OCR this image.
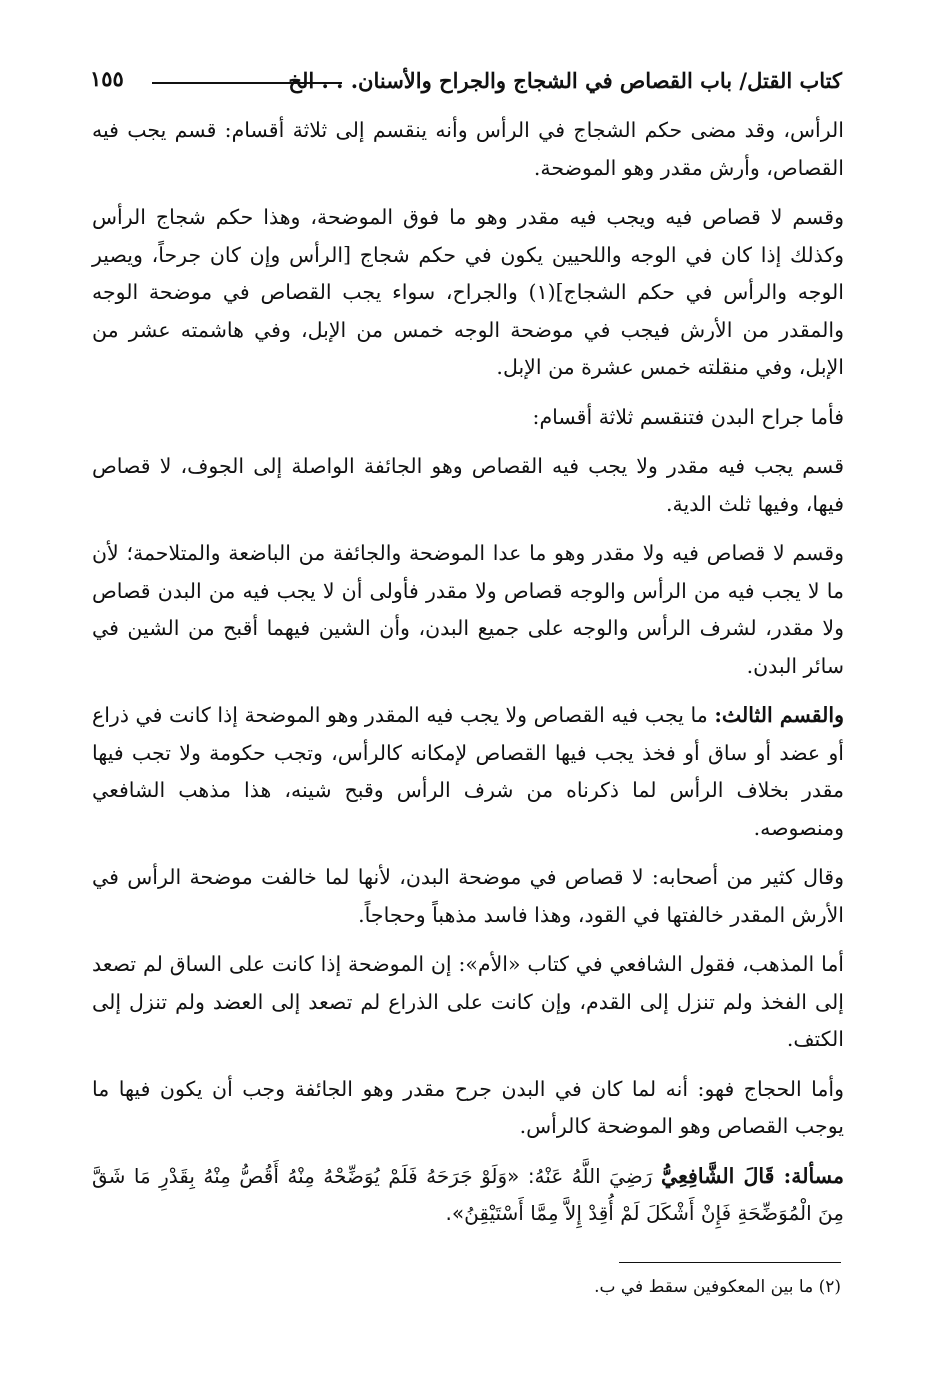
كتاب القتل/ باب القصاص في الشجاج والجراح والأسنان. . . الخ
١٥٥

الرأس، وقد مضى حكم الشجاج في الرأس وأنه ينقسم إلى ثلاثة أقسام: قسم يجب فيه القصاص، وأرش مقدر وهو الموضحة.

وقسم لا قصاص فيه ويجب فيه مقدر وهو ما فوق الموضحة، وهذا حكم شجاج الرأس وكذلك إذا كان في الوجه واللحيين يكون في حكم شجاج [الرأس وإن كان جرحاً، ويصير الوجه والرأس في حكم الشجاج](١) والجراح، سواء يجب القصاص في موضحة الوجه والمقدر من الأرش فيجب في موضحة الوجه خمس من الإبل، وفي هاشمته عشر من الإبل، وفي منقلته خمس عشرة من الإبل.

فأما جراح البدن فتنقسم ثلاثة أقسام:

قسم يجب فيه مقدر ولا يجب فيه القصاص وهو الجائفة الواصلة إلى الجوف، لا قصاص فيها، وفيها ثلث الدية.

وقسم لا قصاص فيه ولا مقدر وهو ما عدا الموضحة والجائفة من الباضعة والمتلاحمة؛ لأن ما لا يجب فيه من الرأس والوجه قصاص ولا مقدر فأولى أن لا يجب فيه من البدن قصاص ولا مقدر، لشرف الرأس والوجه على جميع البدن، وأن الشين فيهما أقبح من الشين في سائر البدن.

والقسم الثالث: ما يجب فيه القصاص ولا يجب فيه المقدر وهو الموضحة إذا كانت في ذراع أو عضد أو ساق أو فخذ يجب فيها القصاص لإمكانه كالرأس، وتجب حكومة ولا تجب فيها مقدر بخلاف الرأس لما ذكرناه من شرف الرأس وقبح شينه، هذا مذهب الشافعي ومنصوصه.

وقال كثير من أصحابه: لا قصاص في موضحة البدن، لأنها لما خالفت موضحة الرأس في الأرش المقدر خالفتها في القود، وهذا فاسد مذهباً وحجاجاً.

أما المذهب، فقول الشافعي في كتاب «الأم»: إن الموضحة إذا كانت على الساق لم تصعد إلى الفخذ ولم تنزل إلى القدم، وإن كانت على الذراع لم تصعد إلى العضد ولم تنزل إلى الكتف.

وأما الحجاج فهو: أنه لما كان في البدن جرح مقدر وهو الجائفة وجب أن يكون فيها ما يوجب القصاص وهو الموضحة كالرأس.

مسألة: قَالَ الشَّافِعِيُّ رَضِيَ اللَّهُ عَنْهُ: «وَلَوْ جَرَحَهُ فَلَمْ يُوَضِّحْهُ مِنْهُ أَقُصُّ مِنْهُ بِقَدْرِ مَا شَقَّ مِنَ الْمُوَضِّحَةِ فَإِنْ أَشْكَلَ لَمْ أُقِدْ إِلاَّ مِمَّا أَسْتَيْقِنُ».

(٢) ما بين المعكوفين سقط في ب.
